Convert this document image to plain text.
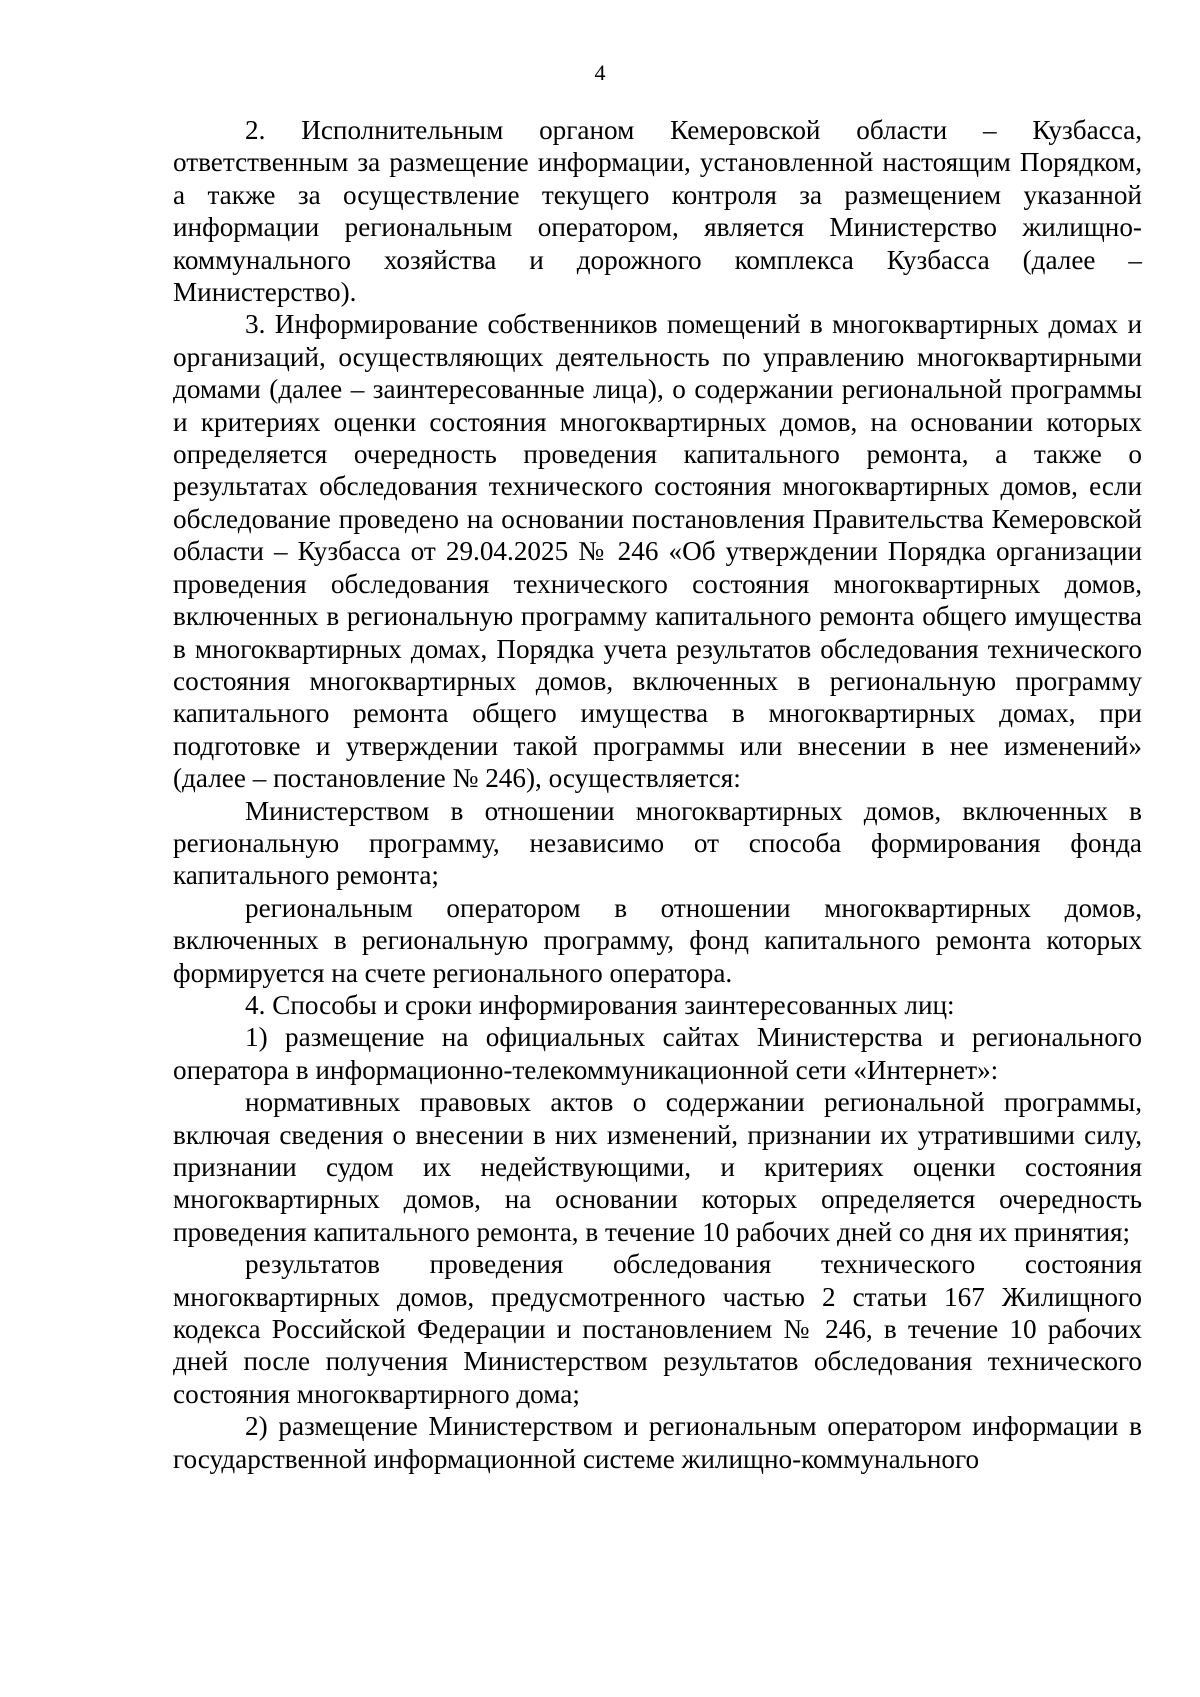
4

2. Исполнительным органом Кемеровской области – Кузбасса, ответственным за размещение информации, установленной настоящим Порядком, а также за осуществление текущего контроля за размещением указанной информации региональным оператором, является Министерство жилищно-коммунального хозяйства и дорожного комплекса Кузбасса (далее – Министерство).

3. Информирование собственников помещений в многоквартирных домах и организаций, осуществляющих деятельность по управлению многоквартирными домами (далее – заинтересованные лица), о содержании региональной программы и критериях оценки состояния многоквартирных домов, на основании которых определяется очередность проведения капитального ремонта, а также о результатах обследования технического состояния многоквартирных домов, если обследование проведено на основании постановления Правительства Кемеровской области – Кузбасса от 29.04.2025 № 246 «Об утверждении Порядка организации проведения обследования технического состояния многоквартирных домов, включенных в региональную программу капитального ремонта общего имущества в многоквартирных домах, Порядка учета результатов обследования технического состояния многоквартирных домов, включенных в региональную программу капитального ремонта общего имущества в многоквартирных домах, при подготовке и утверждении такой программы или внесении в нее изменений» (далее – постановление № 246), осуществляется:

Министерством в отношении многоквартирных домов, включенных в региональную программу, независимо от способа формирования фонда капитального ремонта;

региональным оператором в отношении многоквартирных домов, включенных в региональную программу, фонд капитального ремонта которых формируется на счете регионального оператора.

4. Способы и сроки информирования заинтересованных лиц:

1) размещение на официальных сайтах Министерства и регионального оператора в информационно-телекоммуникационной сети «Интернет»:

нормативных правовых актов о содержании региональной программы, включая сведения о внесении в них изменений, признании их утратившими силу, признании судом их недействующими, и критериях оценки состояния многоквартирных домов, на основании которых определяется очередность проведения капитального ремонта, в течение 10 рабочих дней со дня их принятия;

результатов проведения обследования технического состояния многоквартирных домов, предусмотренного частью 2 статьи 167 Жилищного кодекса Российской Федерации и постановлением № 246, в течение 10 рабочих дней после получения Министерством результатов обследования технического состояния многоквартирного дома;

2) размещение Министерством и региональным оператором информации в государственной информационной системе жилищно-коммунального
